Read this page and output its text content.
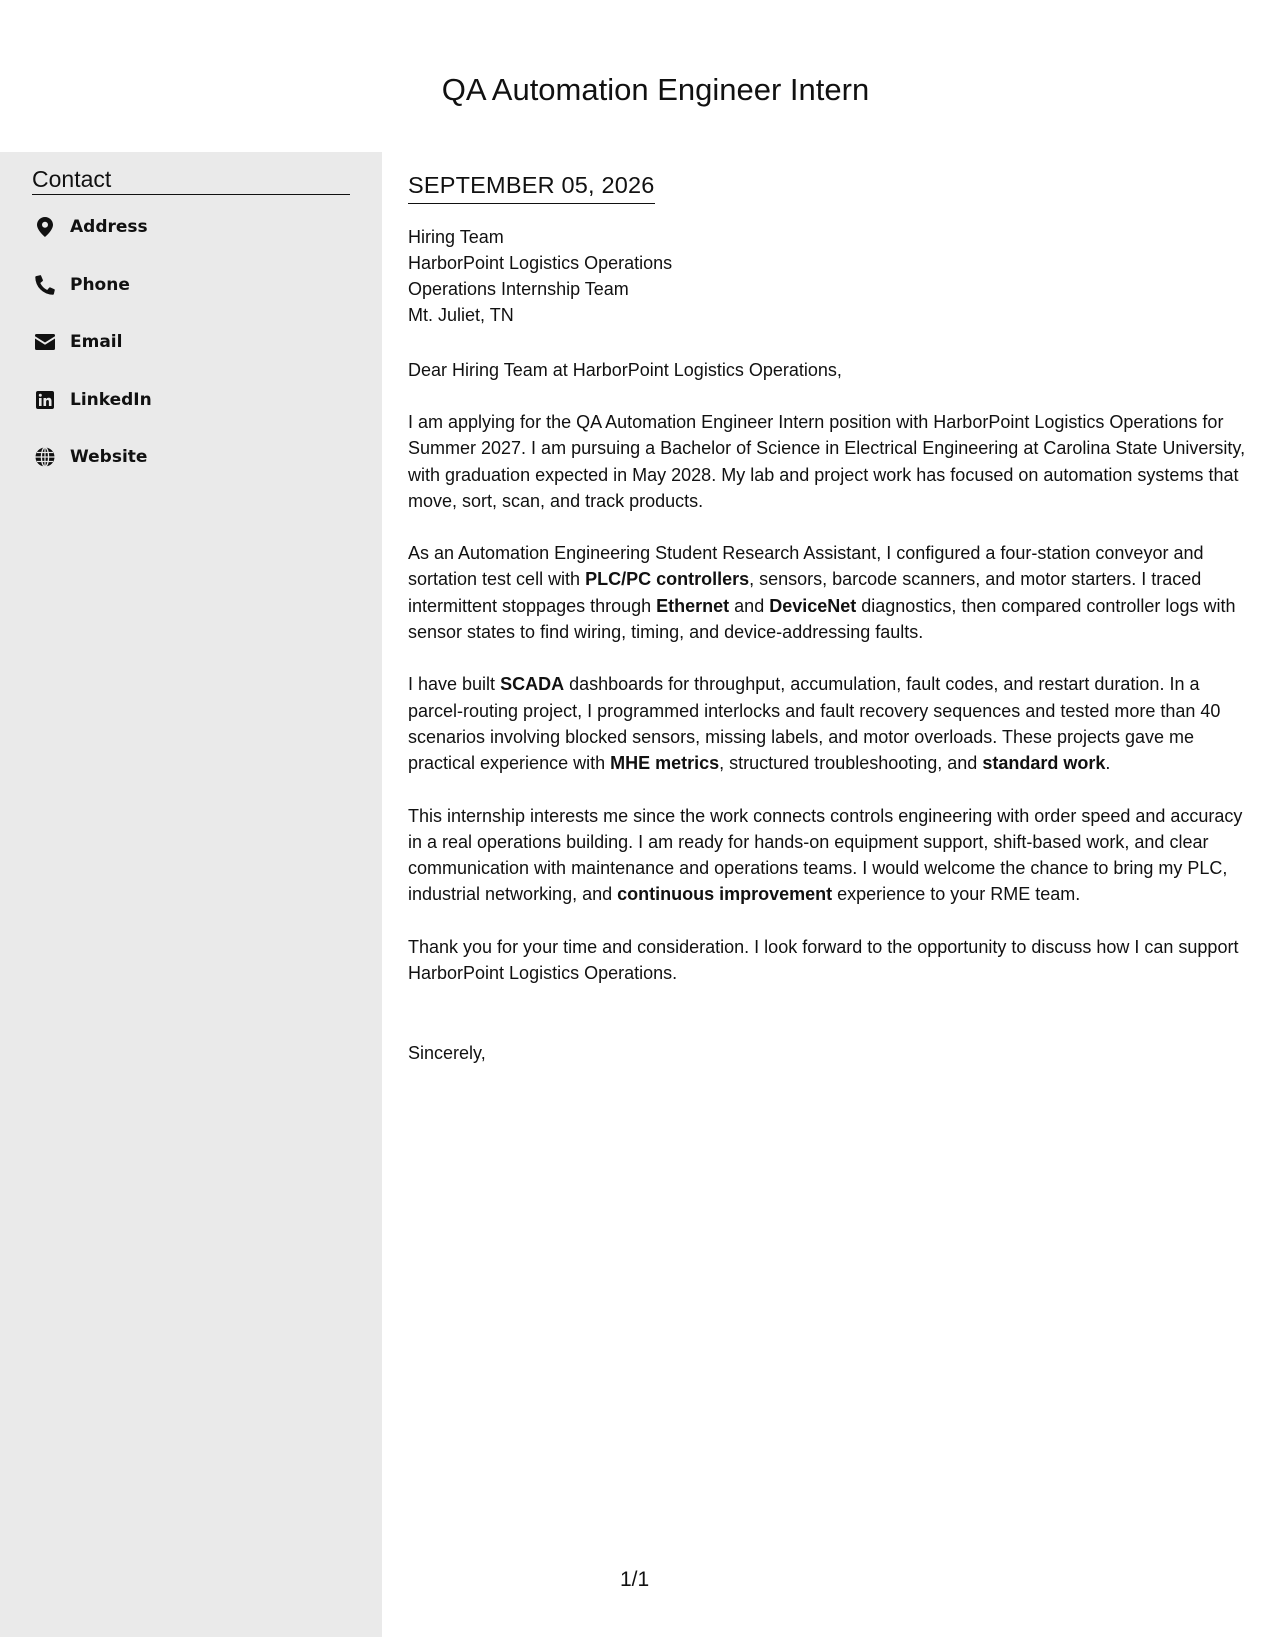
QA Automation Engineer Intern
Contact
Address
Phone
Email
LinkedIn
Website
SEPTEMBER 05, 2026
Hiring Team
HarborPoint Logistics Operations
Operations Internship Team
Mt. Juliet, TN
Dear Hiring Team at HarborPoint Logistics Operations,
I am applying for the QA Automation Engineer Intern position with HarborPoint Logistics Operations for Summer 2027. I am pursuing a Bachelor of Science in Electrical Engineering at Carolina State University, with graduation expected in May 2028. My lab and project work has focused on automation systems that move, sort, scan, and track products.
As an Automation Engineering Student Research Assistant, I configured a four-station conveyor and sortation test cell with PLC/PC controllers, sensors, barcode scanners, and motor starters. I traced intermittent stoppages through Ethernet and DeviceNet diagnostics, then compared controller logs with sensor states to find wiring, timing, and device-addressing faults.
I have built SCADA dashboards for throughput, accumulation, fault codes, and restart duration. In a parcel-routing project, I programmed interlocks and fault recovery sequences and tested more than 40 scenarios involving blocked sensors, missing labels, and motor overloads. These projects gave me practical experience with MHE metrics, structured troubleshooting, and standard work.
This internship interests me since the work connects controls engineering with order speed and accuracy in a real operations building. I am ready for hands-on equipment support, shift-based work, and clear communication with maintenance and operations teams. I would welcome the chance to bring my PLC, industrial networking, and continuous improvement experience to your RME team.
Thank you for your time and consideration. I look forward to the opportunity to discuss how I can support HarborPoint Logistics Operations.
Sincerely,
1/1
